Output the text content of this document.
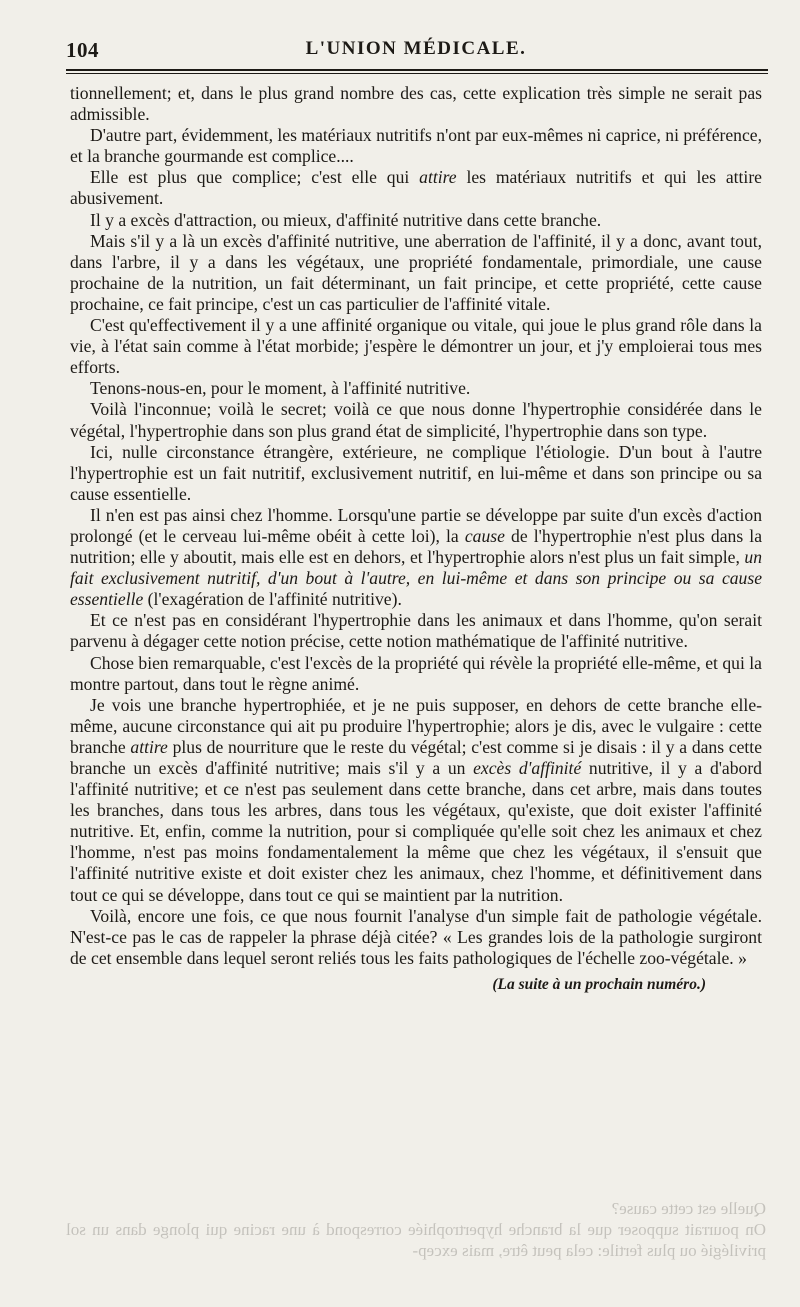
104	L'UNION MÉDICALE.

tionnellement; et, dans le plus grand nombre des cas, cette explication très simple ne serait pas admissible.

D'autre part, évidemment, les matériaux nutritifs n'ont par eux-mêmes ni caprice, ni préférence, et la branche gourmande est complice....

Elle est plus que complice; c'est elle qui attire les matériaux nutritifs et qui les attire abusivement.

Il y a excès d'attraction, ou mieux, d'affinité nutritive dans cette branche.

Mais s'il y a là un excès d'affinité nutritive, une aberration de l'affinité, il y a donc, avant tout, dans l'arbre, il y a dans les végétaux, une propriété fondamentale, primordiale, une cause prochaine de la nutrition, un fait déterminant, un fait principe, et cette propriété, cette cause prochaine, ce fait principe, c'est un cas particulier de l'affinité vitale.

C'est qu'effectivement il y a une affinité organique ou vitale, qui joue le plus grand rôle dans la vie, à l'état sain comme à l'état morbide; j'espère le démontrer un jour, et j'y emploierai tous mes efforts.

Tenons-nous-en, pour le moment, à l'affinité nutritive.

Voilà l'inconnue; voilà le secret; voilà ce que nous donne l'hypertrophie considérée dans le végétal, l'hypertrophie dans son plus grand état de simplicité, l'hypertrophie dans son type.

Ici, nulle circonstance étrangère, extérieure, ne complique l'étiologie. D'un bout à l'autre l'hypertrophie est un fait nutritif, exclusivement nutritif, en lui-même et dans son principe ou sa cause essentielle.

Il n'en est pas ainsi chez l'homme. Lorsqu'une partie se développe par suite d'un excès d'action prolongé (et le cerveau lui-même obéit à cette loi), la cause de l'hypertrophie n'est plus dans la nutrition; elle y aboutit, mais elle est en dehors, et l'hypertrophie alors n'est plus un fait simple, un fait exclusivement nutritif, d'un bout à l'autre, en lui-même et dans son principe ou sa cause essentielle (l'exagération de l'affinité nutritive).

Et ce n'est pas en considérant l'hypertrophie dans les animaux et dans l'homme, qu'on serait parvenu à dégager cette notion précise, cette notion mathématique de l'affinité nutritive.

Chose bien remarquable, c'est l'excès de la propriété qui révèle la propriété elle-même, et qui la montre partout, dans tout le règne animé.

Je vois une branche hypertrophiée, et je ne puis supposer, en dehors de cette branche elle-même, aucune circonstance qui ait pu produire l'hypertrophie; alors je dis, avec le vulgaire : cette branche attire plus de nourriture que le reste du végétal; c'est comme si je disais : il y a dans cette branche un excès d'affinité nutritive; mais s'il y a un excès d'affinité nutritive, il y a d'abord l'affinité nutritive; et ce n'est pas seulement dans cette branche, dans cet arbre, mais dans toutes les branches, dans tous les arbres, dans tous les végétaux, qu'existe, que doit exister l'affinité nutritive. Et, enfin, comme la nutrition, pour si compliquée qu'elle soit chez les animaux et chez l'homme, n'est pas moins fondamentalement la même que chez les végétaux, il s'ensuit que l'affinité nutritive existe et doit exister chez les animaux, chez l'homme, et définitivement dans tout ce qui se développe, dans tout ce qui se maintient par la nutrition.

Voilà, encore une fois, ce que nous fournit l'analyse d'un simple fait de pathologie végétale. N'est-ce pas le cas de rappeler la phrase déjà citée? « Les grandes lois de la pathologie surgiront de cet ensemble dans lequel seront reliés tous les faits pathologiques de l'échelle zoo-végétale. »

(La suite à un prochain numéro.)

Quelle est cette cause?

On pourrait supposer que la branche hypertrophiée correspond à une racine qui plonge dans un sol privilégié ou plus fertile: cela peut être, mais excep-
